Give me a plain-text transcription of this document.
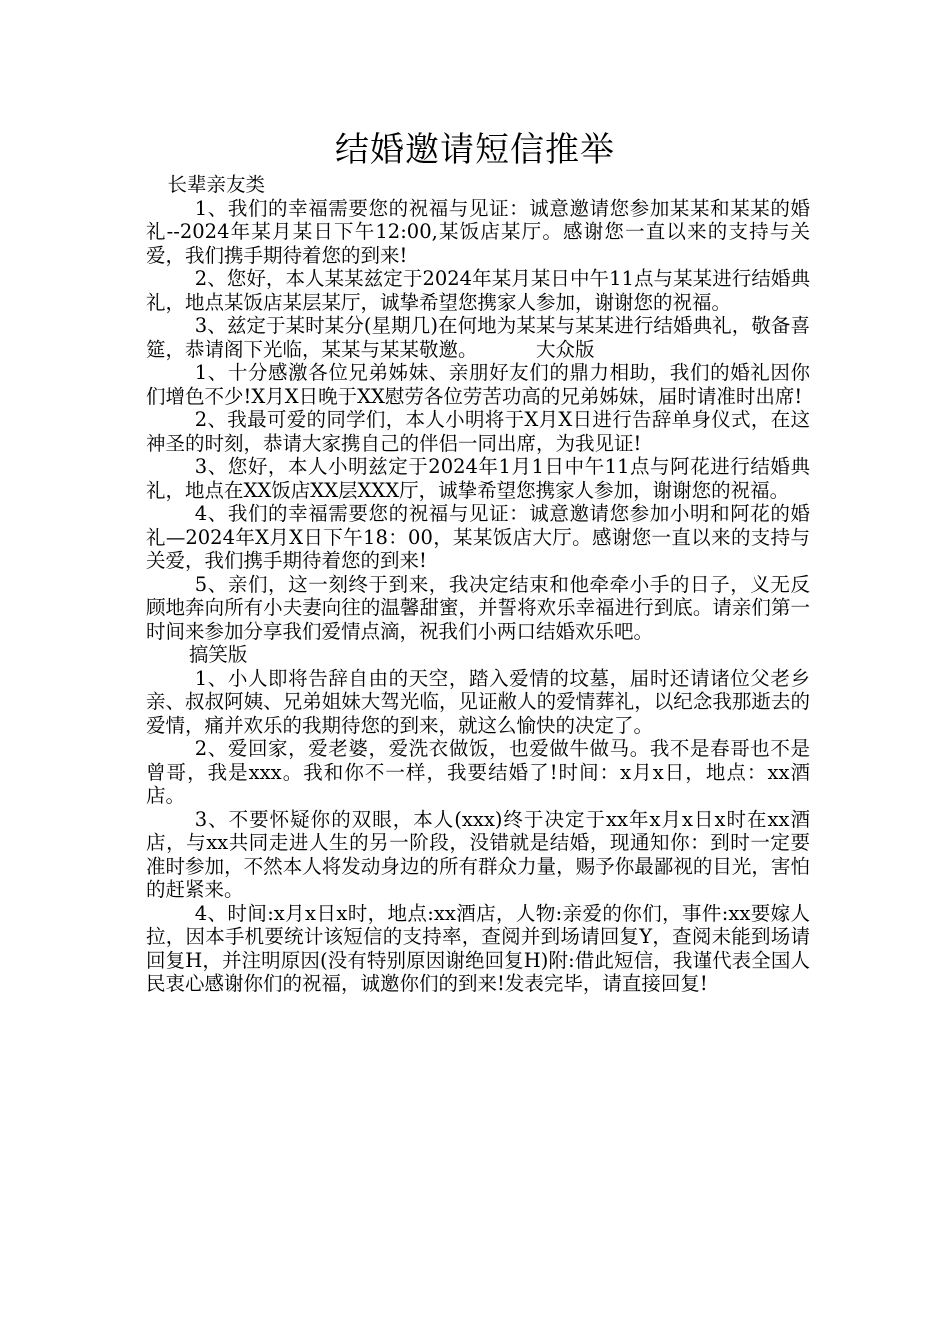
结婚邀请短信推举

长辈亲友类

1、我们的幸福需要您的祝福与见证：诚意邀请您参加某某和某某的婚礼--2024年某月某日下午12:00,某饭店某厅。感谢您一直以来的支持与关爱，我们携手期待着您的到来!

2、您好，本人某某兹定于2024年某月某日中午11点与某某进行结婚典礼，地点某饭店某层某厅，诚挚希望您携家人参加，谢谢您的祝福。

3、兹定于某时某分(星期几)在何地为某某与某某进行结婚典礼，敬备喜筵，恭请阁下光临，某某与某某敬邀。	大众版

1、十分感激各位兄弟姊妹、亲朋好友们的鼎力相助，我们的婚礼因你们增色不少!X月X日晚于XX慰劳各位劳苦功高的兄弟姊妹，届时请准时出席!

2、我最可爱的同学们，本人小明将于X月X日进行告辞单身仪式，在这神圣的时刻，恭请大家携自己的伴侣一同出席，为我见证!

3、您好，本人小明兹定于2024年1月1日中午11点与阿花进行结婚典礼，地点在XX饭店XX层XXX厅，诚挚希望您携家人参加，谢谢您的祝福。

4、我们的幸福需要您的祝福与见证：诚意邀请您参加小明和阿花的婚礼—2024年X月X日下午18：00，某某饭店大厅。感谢您一直以来的支持与关爱，我们携手期待着您的到来!

5、亲们，这一刻终于到来，我决定结束和他牵牵小手的日子，义无反顾地奔向所有小夫妻向往的温馨甜蜜，并誓将欢乐幸福进行到底。请亲们第一时间来参加分享我们爱情点滴，祝我们小两口结婚欢乐吧。

搞笑版

1、小人即将告辞自由的天空，踏入爱情的坟墓，届时还请诸位父老乡亲、叔叔阿姨、兄弟姐妹大驾光临，见证敝人的爱情葬礼，以纪念我那逝去的爱情，痛并欢乐的我期待您的到来，就这么愉快的决定了。

2、爱回家，爱老婆，爱洗衣做饭，也爱做牛做马。我不是春哥也不是曾哥，我是xxx。我和你不一样，我要结婚了!时间：x月x日，地点：xx酒店。

3、不要怀疑你的双眼，本人(xxx)终于决定于xx年x月x日x时在xx酒店，与xx共同走进人生的另一阶段，没错就是结婚，现通知你：到时一定要准时参加，不然本人将发动身边的所有群众力量，赐予你最鄙视的目光，害怕的赶紧来。

4、时间:x月x日x时，地点:xx酒店，人物:亲爱的你们，事件:xx要嫁人拉，因本手机要统计该短信的支持率，查阅并到场请回复Y，查阅未能到场请回复H，并注明原因(没有特别原因谢绝回复H)附:借此短信，我谨代表全国人民衷心感谢你们的祝福，诚邀你们的到来!发表完毕，请直接回复!
